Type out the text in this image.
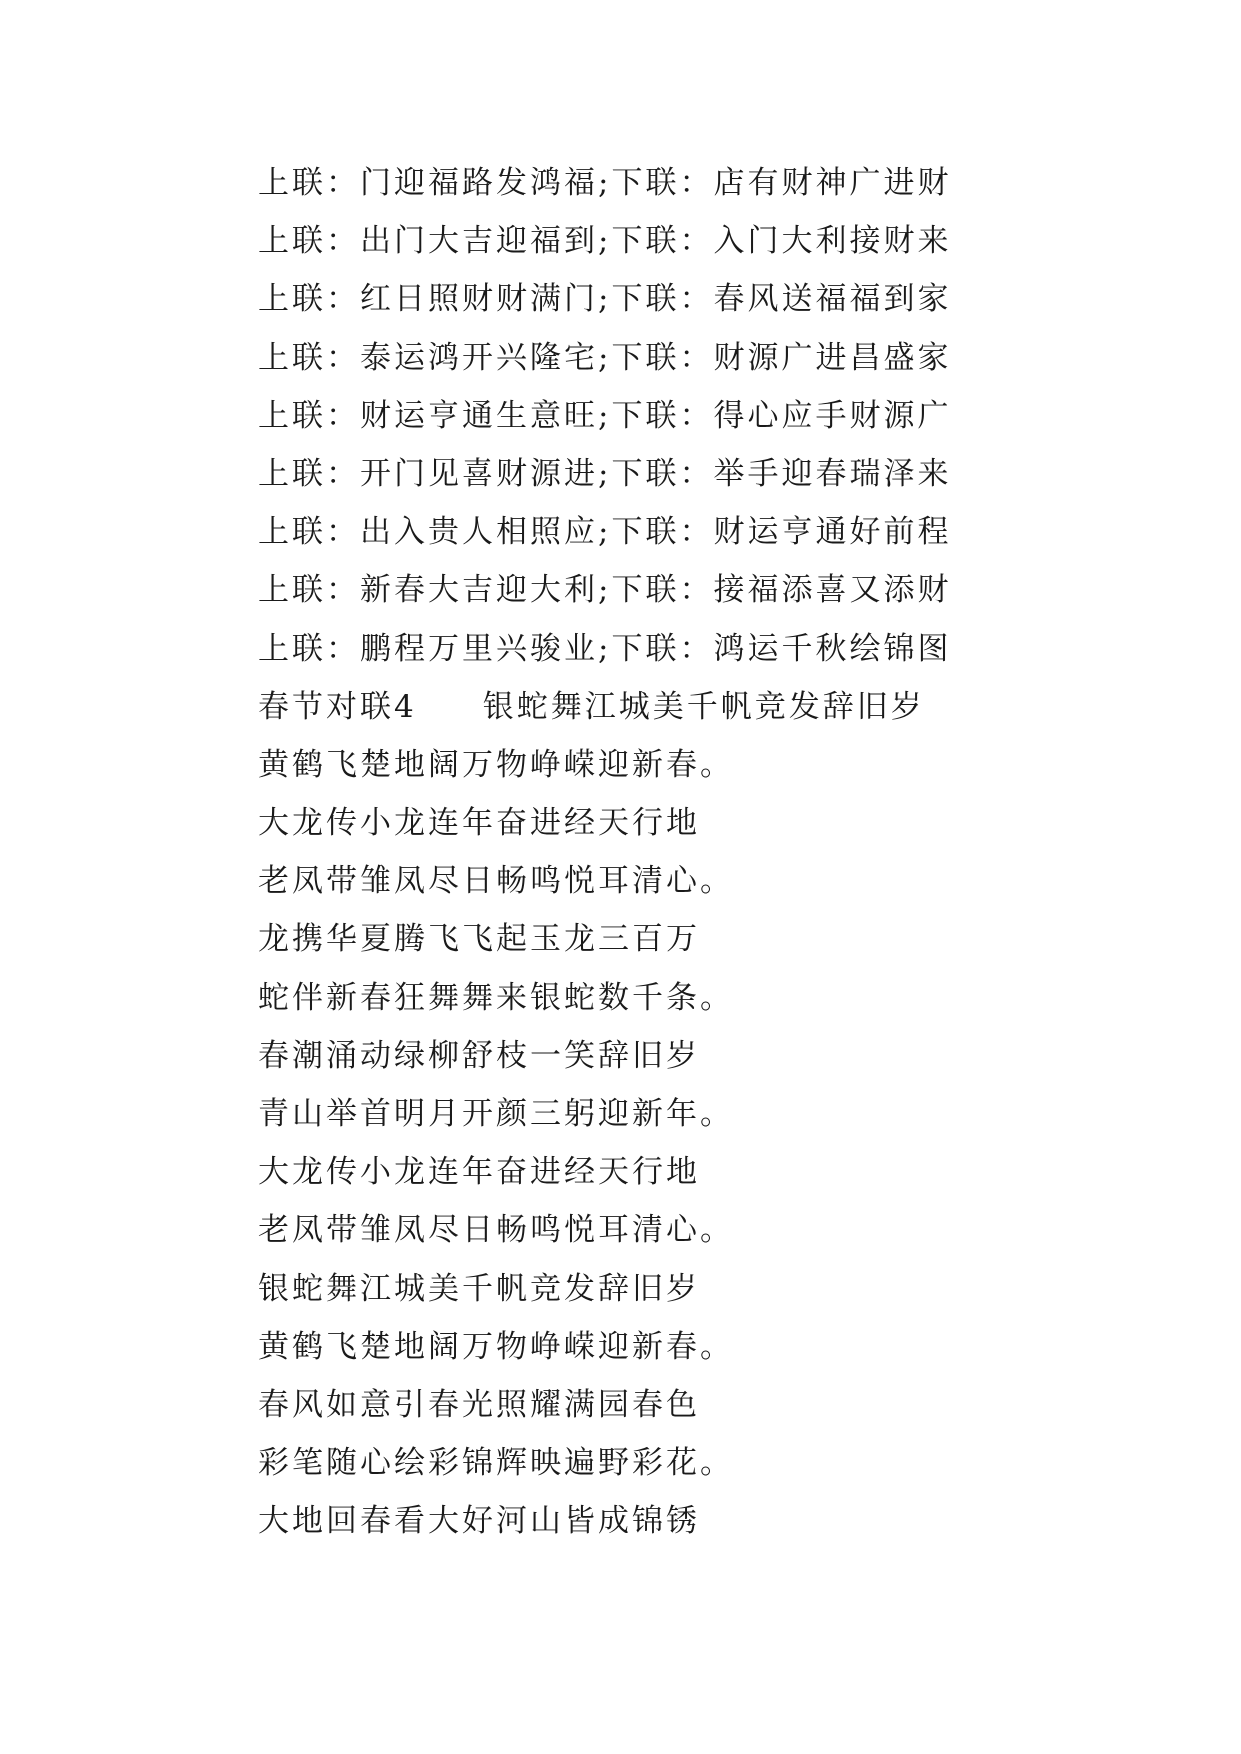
上联：门迎福路发鸿福;下联：店有财神广进财
上联：出门大吉迎福到;下联：入门大利接财来
上联：红日照财财满门;下联：春风送福福到家
上联：泰运鸿开兴隆宅;下联：财源广进昌盛家
上联：财运亨通生意旺;下联：得心应手财源广
上联：开门见喜财源进;下联：举手迎春瑞泽来
上联：出入贵人相照应;下联：财运亨通好前程
上联：新春大吉迎大利;下联：接福添喜又添财
上联：鹏程万里兴骏业;下联：鸿运千秋绘锦图
春节对联4 银蛇舞江城美千帆竞发辞旧岁
黄鹤飞楚地阔万物峥嵘迎新春。
大龙传小龙连年奋进经天行地
老凤带雏凤尽日畅鸣悦耳清心。
龙携华夏腾飞飞起玉龙三百万
蛇伴新春狂舞舞来银蛇数千条。
春潮涌动绿柳舒枝一笑辞旧岁
青山举首明月开颜三躬迎新年。
大龙传小龙连年奋进经天行地
老凤带雏凤尽日畅鸣悦耳清心。
银蛇舞江城美千帆竞发辞旧岁
黄鹤飞楚地阔万物峥嵘迎新春。
春风如意引春光照耀满园春色
彩笔随心绘彩锦辉映遍野彩花。
大地回春看大好河山皆成锦锈
